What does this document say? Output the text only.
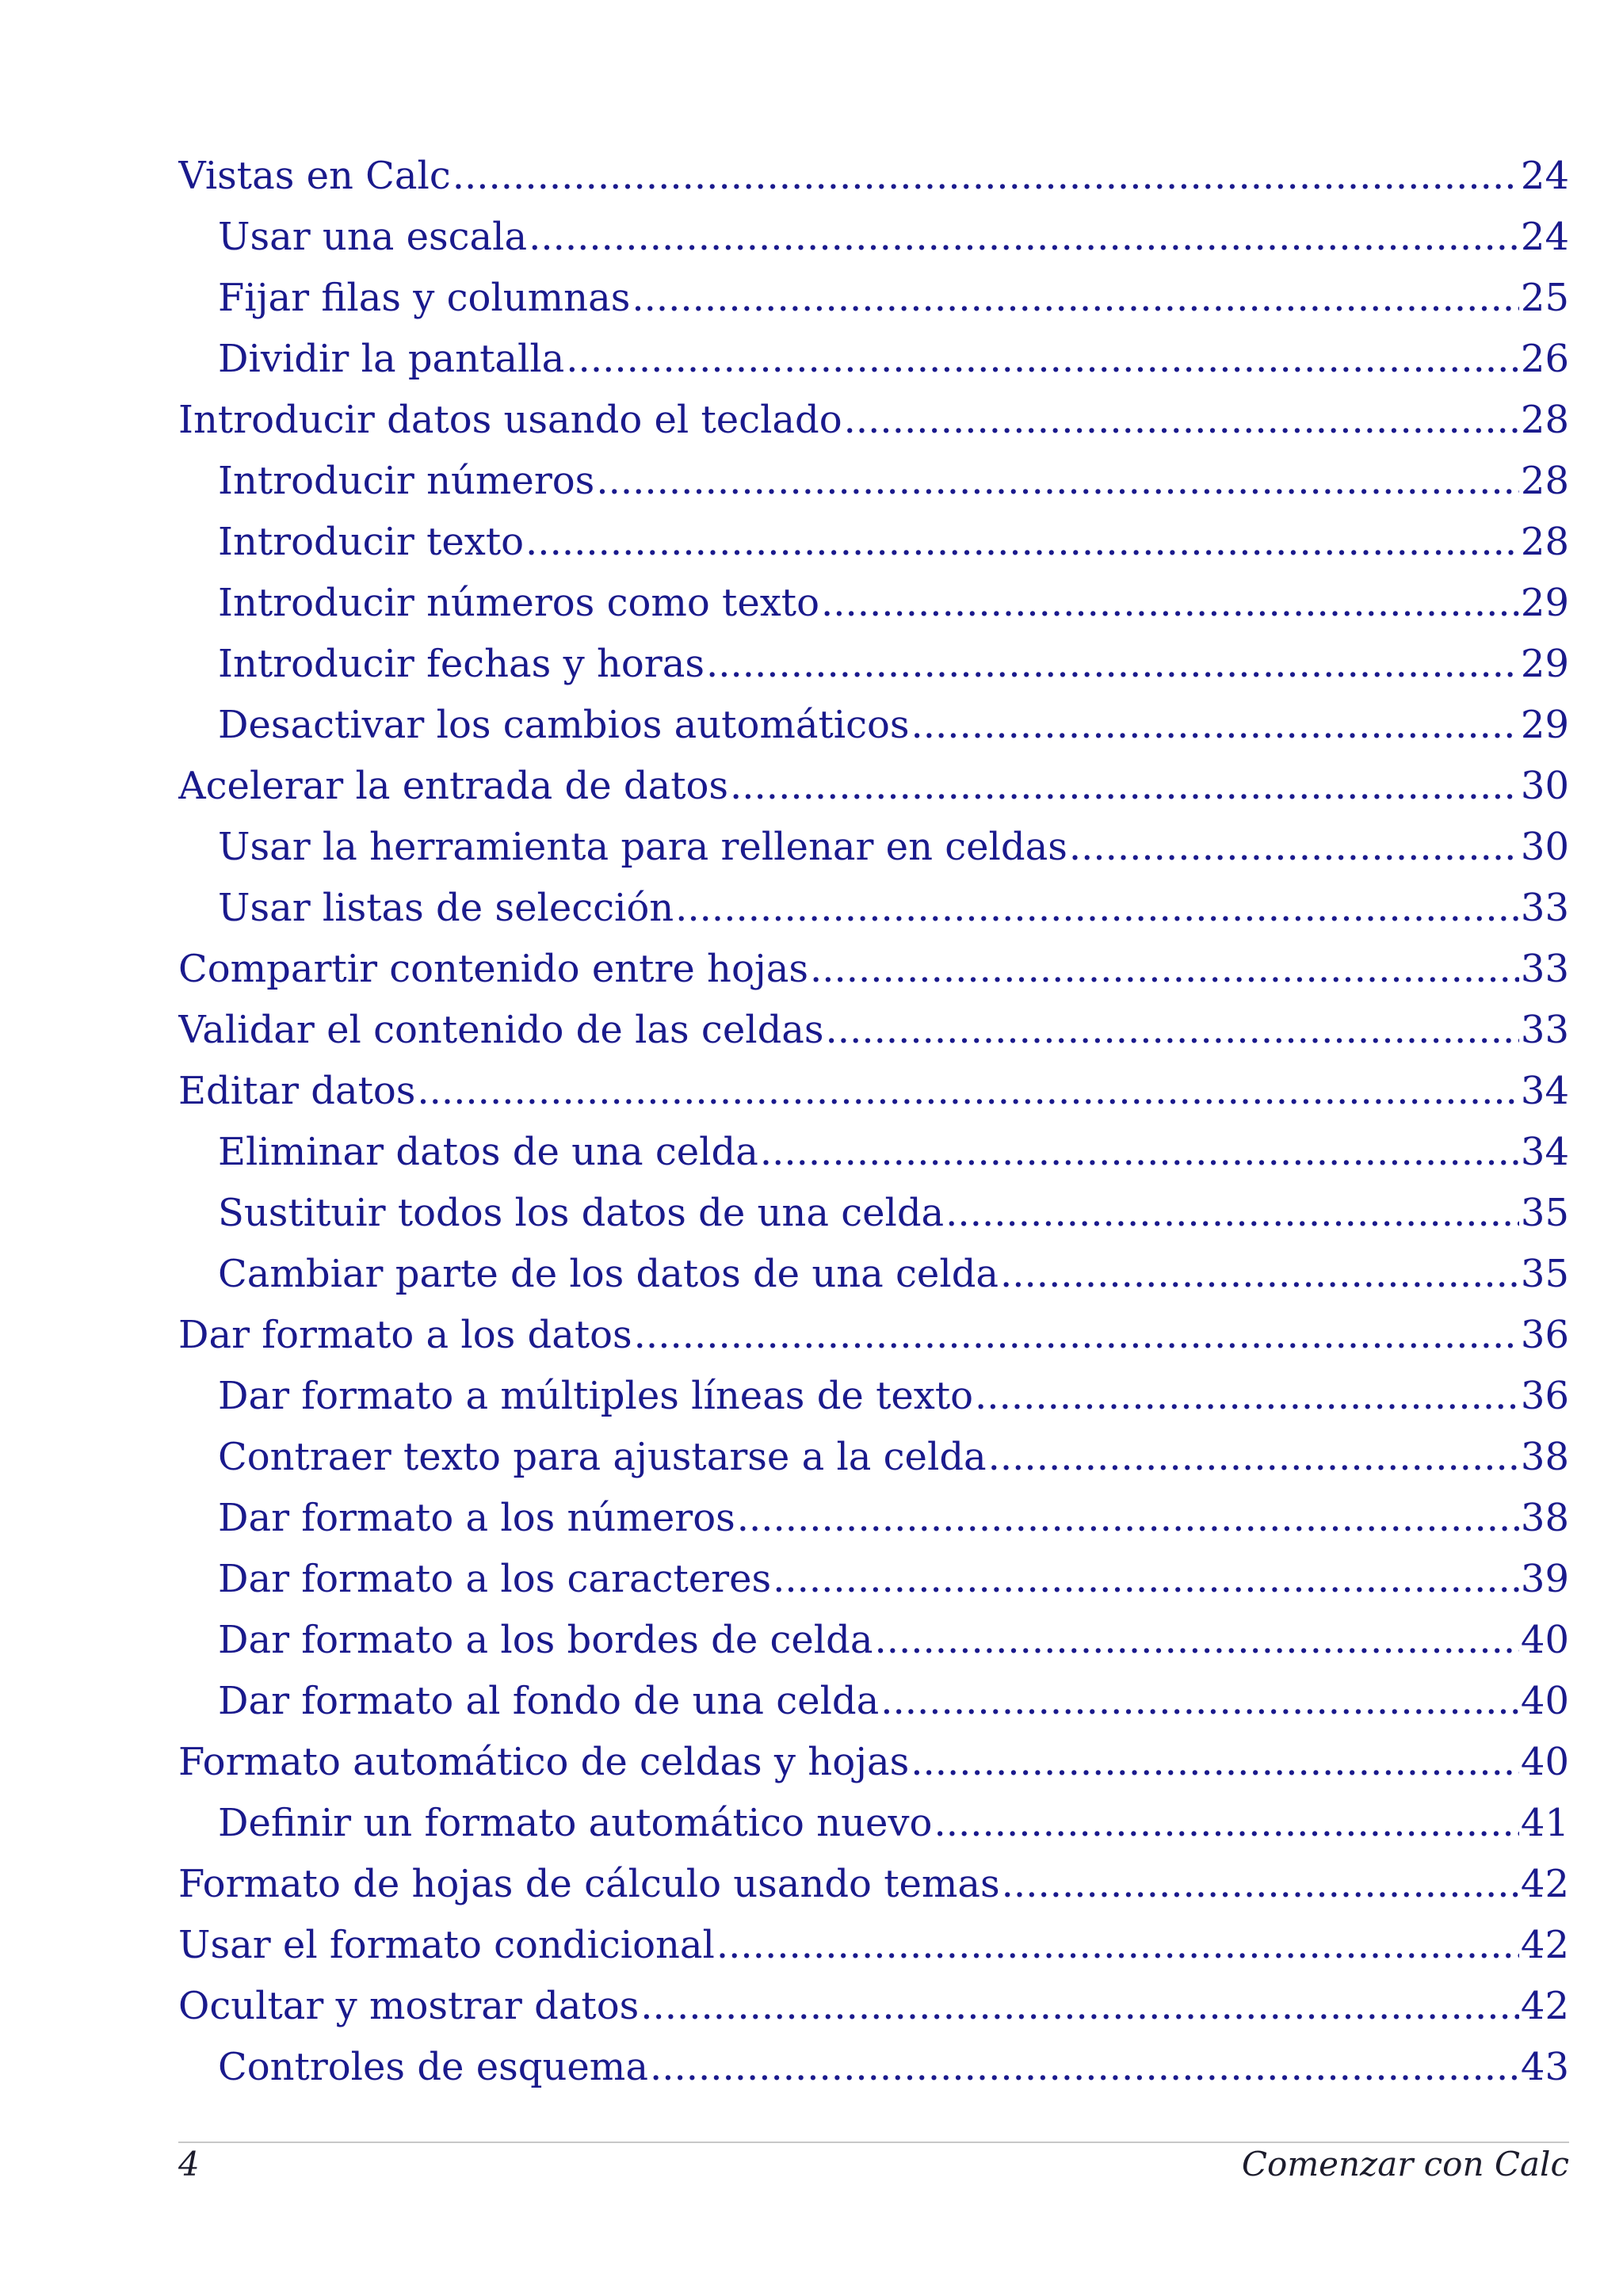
Vistas en Calc .....	24
Usar una escala .....	24
Fijar filas y columnas .....	25
Dividir la pantalla .....	26
Introducir datos usando el teclado .....	28
Introducir números .....	28
Introducir texto .....	28
Introducir números como texto .....	29
Introducir fechas y horas .....	29
Desactivar los cambios automáticos .....	29
Acelerar la entrada de datos .....	30
Usar la herramienta para rellenar en celdas .....	30
Usar listas de selección .....	33
Compartir contenido entre hojas .....	33
Validar el contenido de las celdas .....	33
Editar datos .....	34
Eliminar datos de una celda .....	34
Sustituir todos los datos de una celda .....	35
Cambiar parte de los datos de una celda .....	35
Dar formato a los datos .....	36
Dar formato a múltiples líneas de texto .....	36
Contraer texto para ajustarse a la celda .....	38
Dar formato a los números .....	38
Dar formato a los caracteres .....	39
Dar formato a los bordes de celda .....	40
Dar formato al fondo de una celda .....	40
Formato automático de celdas y hojas .....	40
Definir un formato automático nuevo .....	41
Formato de hojas de cálculo usando temas .....	42
Usar el formato condicional .....	42
Ocultar y mostrar datos .....	42
Controles de esquema .....	43
4	Comenzar con Calc
